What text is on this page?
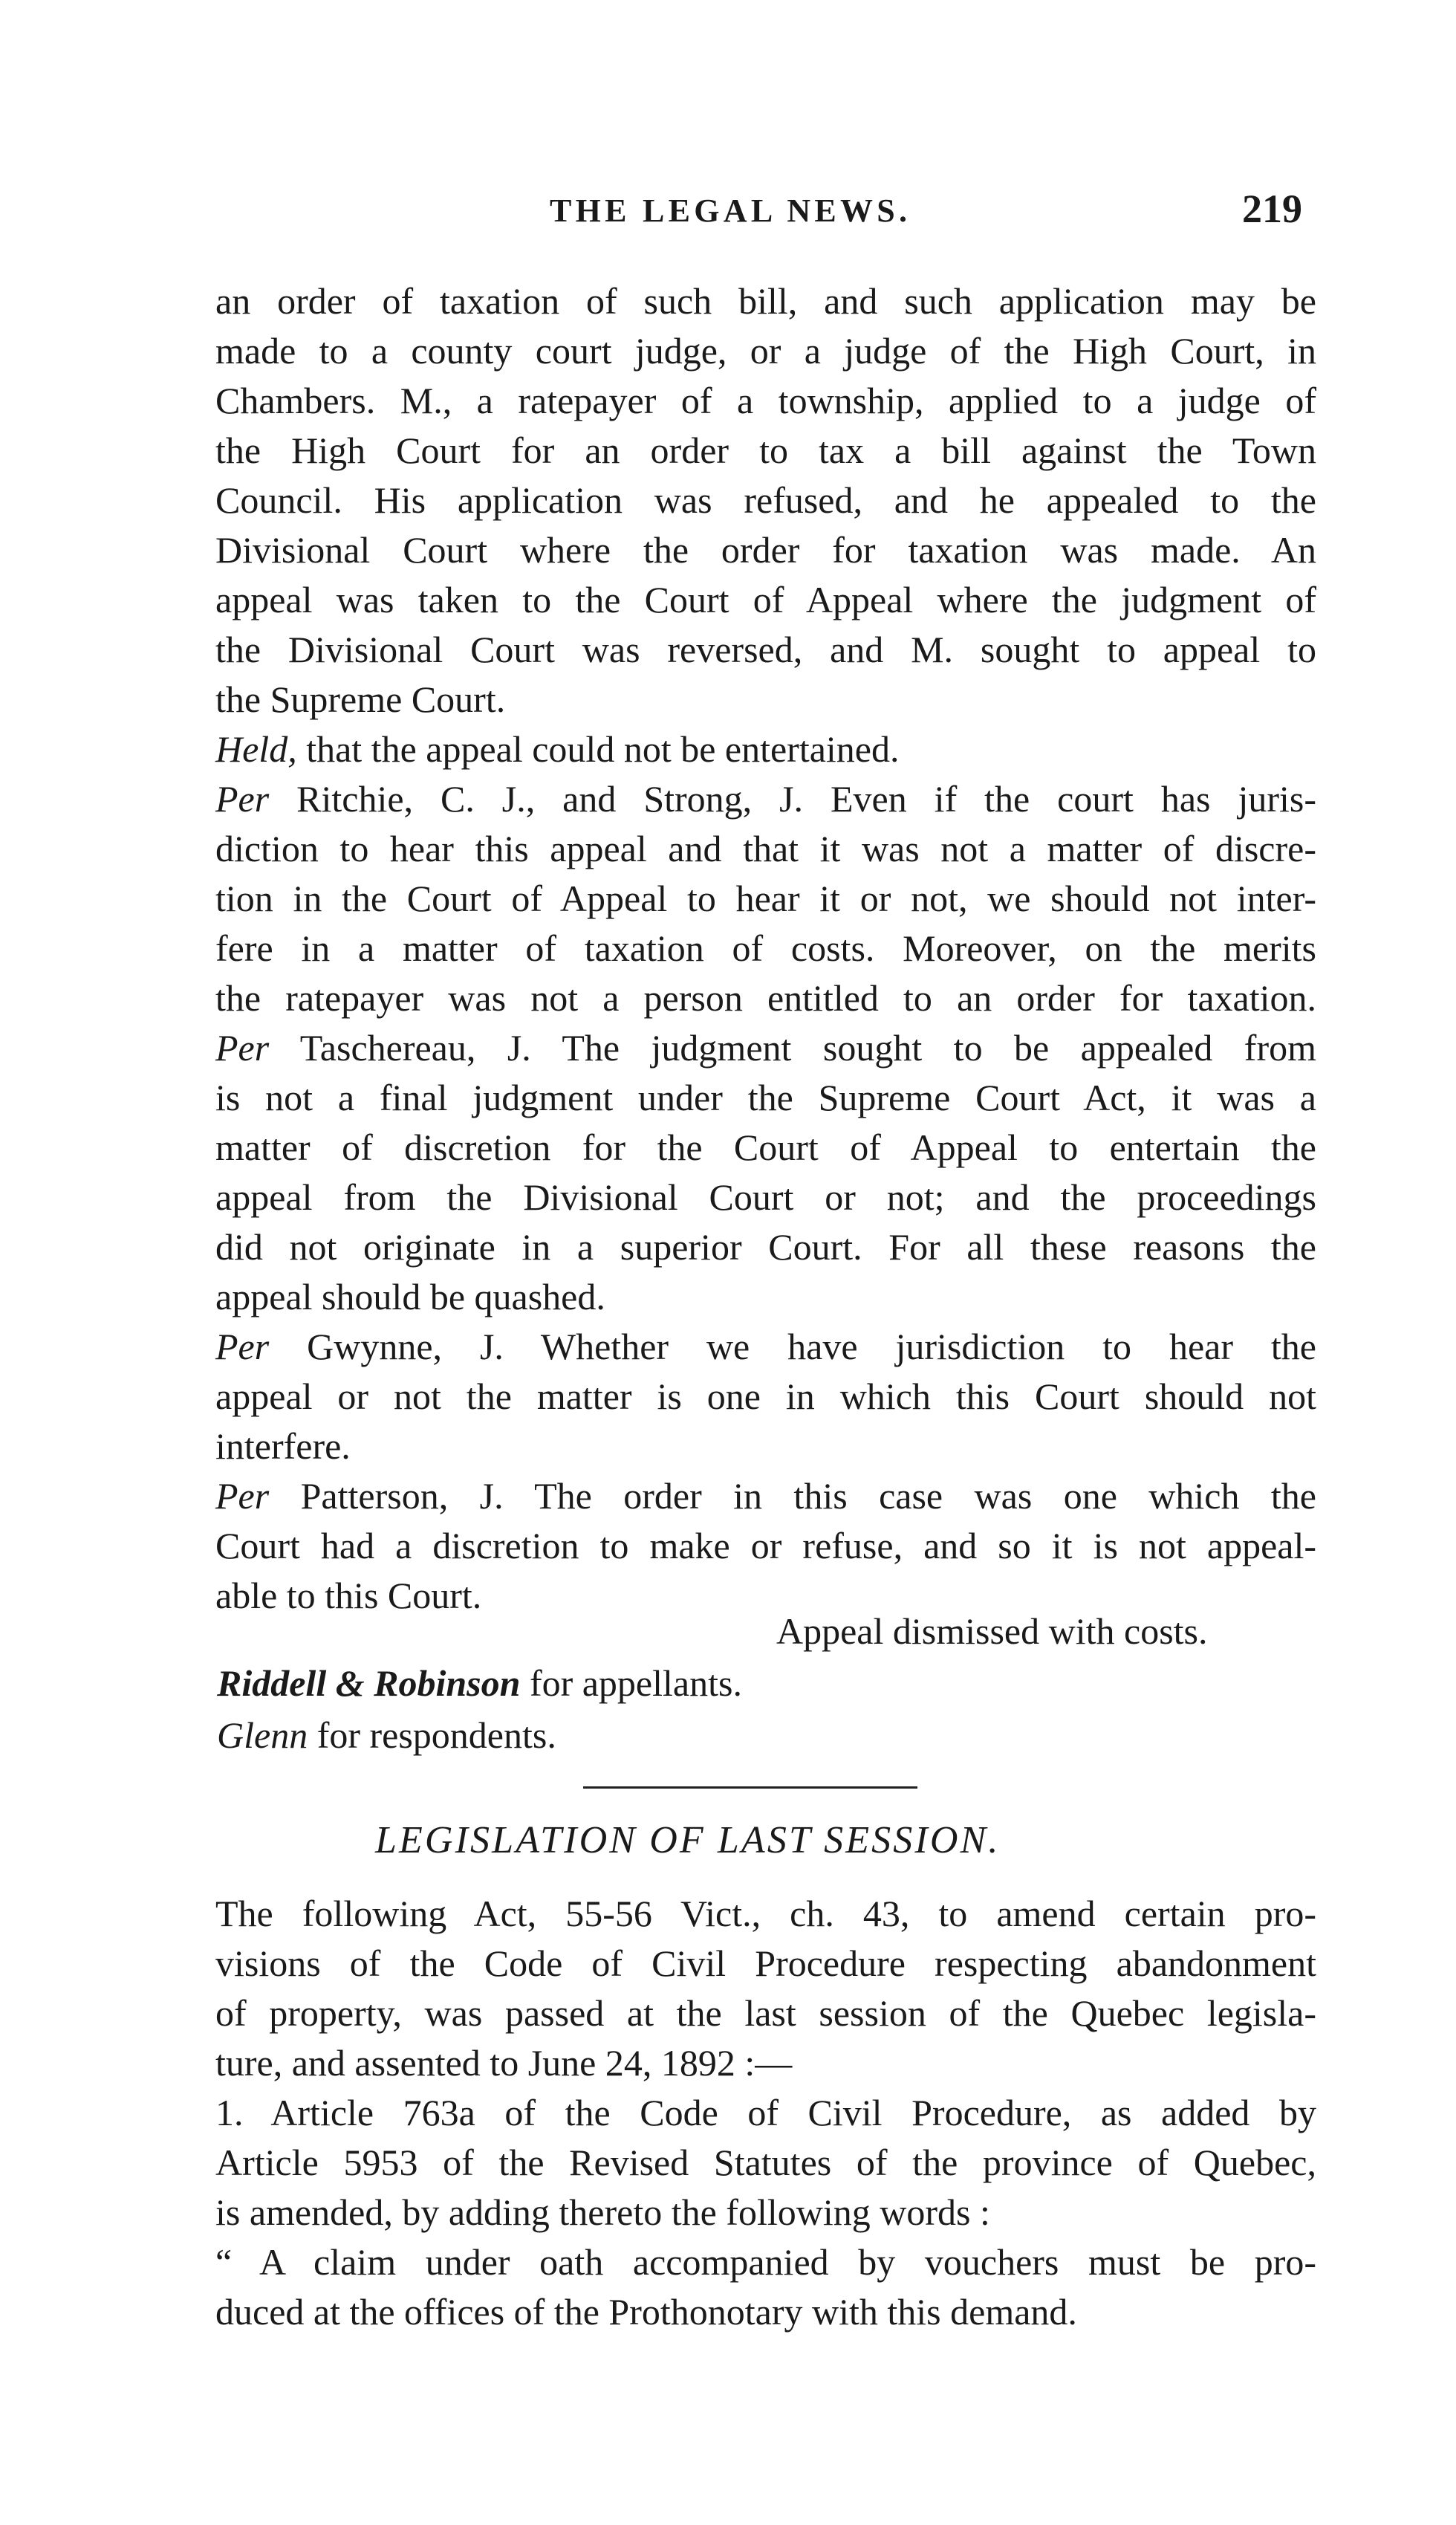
THE LEGAL NEWS.	219
an order of taxation of such bill, and such application may be
made to a county court judge, or a judge of the High Court, in
Chambers. M., a ratepayer of a township, applied to a judge of
the High Court for an order to tax a bill against the Town
Council. His application was refused, and he appealed to the
Divisional Court where the order for taxation was made. An
appeal was taken to the Court of Appeal where the judgment of
the Divisional Court was reversed, and M. sought to appeal to
the Supreme Court.
Held, that the appeal could not be entertained.
Per Ritchie, C. J., and Strong, J. Even if the court has juris-
diction to hear this appeal and that it was not a matter of discre-
tion in the Court of Appeal to hear it or not, we should not inter-
fere in a matter of taxation of costs. Moreover, on the merits
the ratepayer was not a person entitled to an order for taxation.
Per Taschereau, J. The judgment sought to be appealed from
is not a final judgment under the Supreme Court Act, it was a
matter of discretion for the Court of Appeal to entertain the
appeal from the Divisional Court or not; and the proceedings
did not originate in a superior Court. For all these reasons the
appeal should be quashed.
Per Gwynne, J. Whether we have jurisdiction to hear the
appeal or not the matter is one in which this Court should not
interfere.
Per Patterson, J. The order in this case was one which the
Court had a discretion to make or refuse, and so it is not appeal-
able to this Court.
Appeal dismissed with costs.
Riddell & Robinson for appellants.
Glenn for respondents.
LEGISLATION OF LAST SESSION.
The following Act, 55-56 Vict., ch. 43, to amend certain pro-
visions of the Code of Civil Procedure respecting abandonment
of property, was passed at the last session of the Quebec legisla-
ture, and assented to June 24, 1892 :—
1. Article 763a of the Code of Civil Procedure, as added by
Article 5953 of the Revised Statutes of the province of Quebec,
is amended, by adding thereto the following words :
“ A claim under oath accompanied by vouchers must be pro-
duced at the offices of the Prothonotary with this demand.
